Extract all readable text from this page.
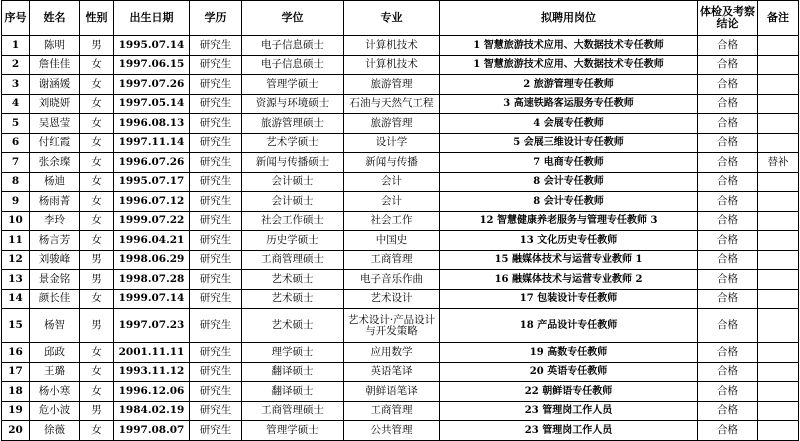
序号	姓名	性别	出生日期	学历	学位	专业	拟聘用岗位	体检及考察结论	备注
1	陈明	男	1995.07.14	研究生	电子信息硕士	计算机技术	1 智慧旅游技术应用、大数据技术专任教师	合格	
2	詹佳佳	女	1997.06.15	研究生	电子信息硕士	计算机技术	1 智慧旅游技术应用、大数据技术专任教师	合格	
3	谢涵媛	女	1997.07.26	研究生	管理学硕士	旅游管理	2 旅游管理专任教师	合格	
4	刘晓妍	女	1997.05.14	研究生	资源与环境硕士	石油与天然气工程	3 高速铁路客运服务专任教师	合格	
5	吴恩莹	女	1996.08.13	研究生	旅游管理硕士	旅游管理	4 会展专任教师	合格	
6	付红霞	女	1997.11.14	研究生	艺术学硕士	设计学	5 会展三维设计专任教师	合格	
7	张余璨	女	1996.07.26	研究生	新闻与传播硕士	新闻与传播	7 电商专任教师	合格	替补
8	杨迪	女	1995.07.17	研究生	会计硕士	会计	8 会计专任教师	合格	
9	杨雨菁	女	1996.07.12	研究生	会计硕士	会计	8 会计专任教师	合格	
10	李玲	女	1999.07.22	研究生	社会工作硕士	社会工作	12 智慧健康养老服务与管理专任教师 3	合格	
11	杨言芳	女	1996.04.21	研究生	历史学硕士	中国史	13 文化历史专任教师	合格	
12	刘骏峰	男	1998.06.29	研究生	工商管理硕士	工商管理	15 融媒体技术与运营专业教师 1	合格	
13	景金铭	男	1998.07.28	研究生	艺术硕士	电子音乐作曲	16 融媒体技术与运营专业教师 2	合格	
14	颜长佳	女	1999.07.14	研究生	艺术硕士	艺术设计	17 包装设计专任教师	合格	
15	杨智	男	1997.07.23	研究生	艺术硕士	艺术设计·产品设计与开发策略	18 产品设计专任教师	合格	
16	邱政	女	2001.11.11	研究生	理学硕士	应用数学	19 高数专任教师	合格	
17	王璐	女	1993.11.12	研究生	翻译硕士	英语笔译	20 英语专任教师	合格	
18	杨小寒	女	1996.12.06	研究生	翻译硕士	朝鲜语笔译	22 朝鲜语专任教师	合格	
19	危小波	男	1984.02.19	研究生	工商管理硕士	工商管理	23 管理岗工作人员	合格	
20	徐薇	女	1997.08.07	研究生	管理学硕士	公共管理	23 管理岗工作人员	合格	
